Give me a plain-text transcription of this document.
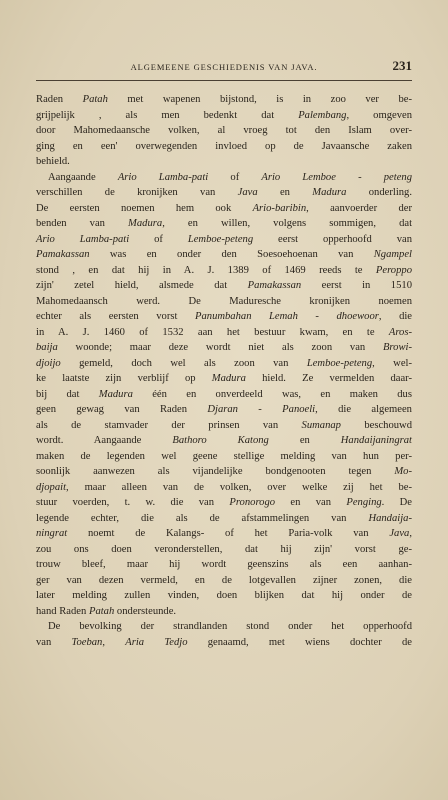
ALGEMEENE GESCHIEDENIS VAN JAVA.	231
Raden Patah met wapenen bijstond, is in zoo ver be-
grijpelijk , als men bedenkt dat Palembang, omgeven
door Mahomedaansche volken, al vroeg tot den Islam over-
ging en een' overwegenden invloed op de Javaansche zaken
behield.
Aangaande Ario Lamba-pati of Ario Lemboe - peteng
verschillen de kronijken van Java en Madura onderling.
De eersten noemen hem ook Ario-baribin, aanvoerder der
benden van Madura, en willen, volgens sommigen, dat
Ario Lamba-pati of Lemboe-peteng eerst opperhoofd van
Pamakassan was en onder den Soesoehoenan van Ngampel
stond , en dat hij in A. J. 1389 of 1469 reeds te Peroppo
zijn' zetel hield, alsmede dat Pamakassan eerst in 1510
Mahomedaansch werd. De Maduresche kronijken noemen
echter als eersten vorst Panumbahan Lemah - dhoewoor, die
in A. J. 1460 of 1532 aan het bestuur kwam, en te Aros-
baija woonde; maar deze wordt niet als zoon van Browi-
djoijo gemeld, doch wel als zoon van Lemboe-peteng, wel-
ke laatste zijn verblijf op Madura hield. Ze vermelden daar-
bij dat Madura één en onverdeeld was, en maken dus
geen gewag van Raden Djaran - Panoeli, die algemeen
als de stamvader der prinsen van Sumanap beschouwd
wordt. Aangaande Bathoro Katong en Handaijaningrat
maken de legenden wel geene stellige melding van hun per-
soonlijk aanwezen als vijandelijke bondgenooten tegen Mo-
djopait, maar alleen van de volken, over welke zij het be-
stuur voerden, t. w. die van Pronorogo en van Penging. De
legende echter, die als de afstammelingen van Handaija-
ningrat noemt de Kalangs- of het Paria-volk van Java,
zou ons doen veronderstellen, dat hij zijn' vorst ge-
trouw bleef, maar hij wordt geenszins als een aanhan-
ger van dezen vermeld, en de lotgevallen zijner zonen, die
later melding zullen vinden, doen blijken dat hij onder de
hand Raden Patah ondersteunde.
De bevolking der strandlanden stond onder het opperhoofd
van Toeban, Aria Tedjo genaamd, met wiens dochter de
